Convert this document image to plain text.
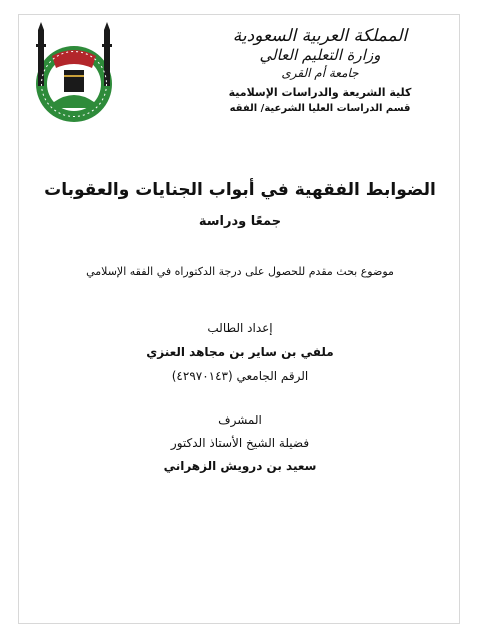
المملكة العربية السعودية
وزارة التعليم العالي
جامعة أم القرى
كلية الشريعة والدراسات الإسلامية
قسم الدراسات العليا الشرعية/ الفقه
الضوابط الفقهية في أبواب الجنايات والعقوبات
جمعًا ودراسة
موضوع بحث مقدم للحصول على درجة الدكتوراه في الفقه الإسلامي
إعداد الطالب
ملفي بن ساير بن مجاهد العنزي
الرقم الجامعي (٤٢٩٧٠١٤٣)
المشرف
فضيلة الشيخ الأستاذ الدكتور
سعيد بن درويش الزهراني
